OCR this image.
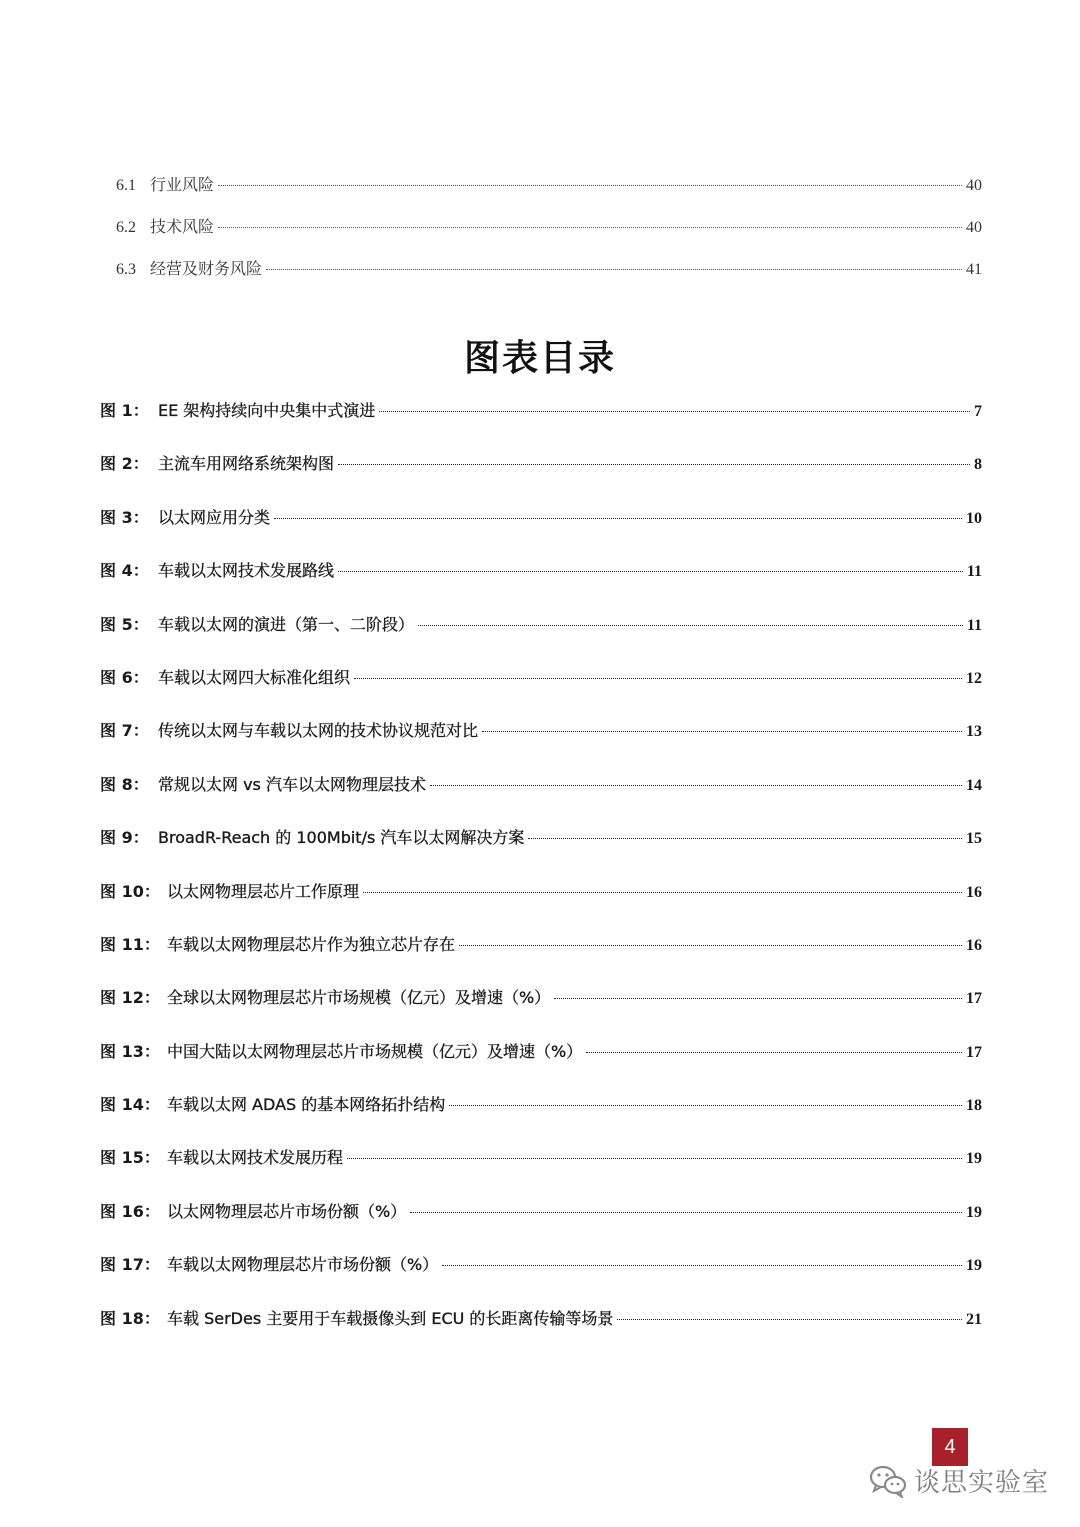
6.1 行业风险	40
6.2 技术风险	40
6.3 经营及财务风险	41
图表目录
图 1： EE 架构持续向中央集中式演进	7
图 2： 主流车用网络系统架构图	8
图 3： 以太网应用分类	10
图 4： 车载以太网技术发展路线	11
图 5： 车载以太网的演进（第一、二阶段）	11
图 6： 车载以太网四大标准化组织	12
图 7： 传统以太网与车载以太网的技术协议规范对比	13
图 8： 常规以太网 vs 汽车以太网物理层技术	14
图 9： BroadR-Reach 的 100Mbit/s 汽车以太网解决方案	15
图 10： 以太网物理层芯片工作原理	16
图 11： 车载以太网物理层芯片作为独立芯片存在	16
图 12： 全球以太网物理层芯片市场规模（亿元）及增速（%）	17
图 13： 中国大陆以太网物理层芯片市场规模（亿元）及增速（%）	17
图 14： 车载以太网 ADAS 的基本网络拓扑结构	18
图 15： 车载以太网技术发展历程	19
图 16： 以太网物理层芯片市场份额（%）	19
图 17： 车载以太网物理层芯片市场份额（%）	19
图 18： 车载 SerDes 主要用于车载摄像头到 ECU 的长距离传输等场景	21
4
谈思实验室
